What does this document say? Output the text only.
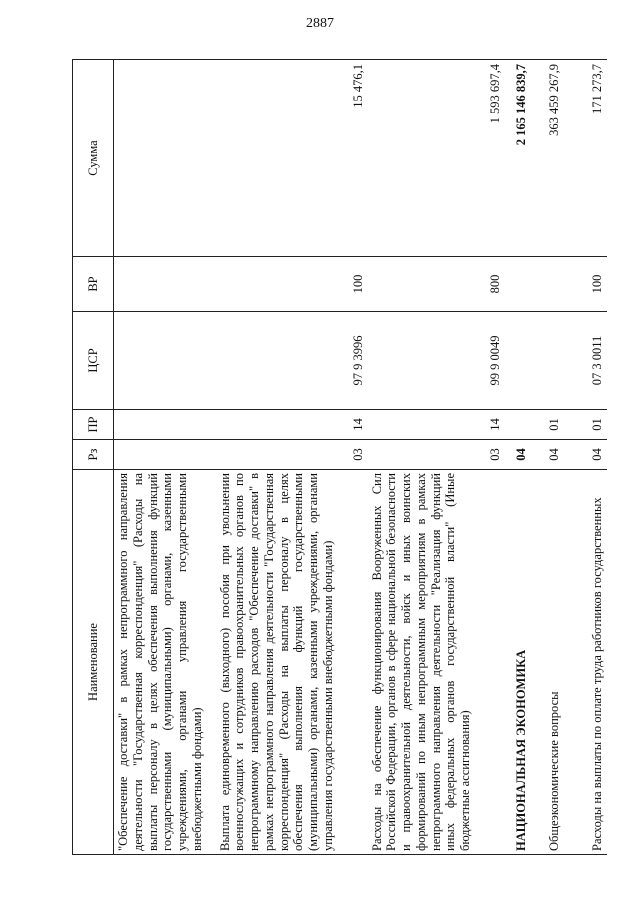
2887
Наименование	Рз	ПР	ЦСР	ВР	Сумма
"Обеспечение доставки" в рамках непрограммного направления деятельности "Государственная корреспонденция" (Расходы на выплаты персоналу в целях обеспечения выполнения функций государственными (муниципальными) органами, казенными учреждениями, органами управления государственными внебюджетными фондами)					
Выплата единовременного (выходного) пособия при увольнении военнослужащих и сотрудников правоохранительных органов по непрограммному направлению расходов "Обеспечение доставки" в рамках непрограммного направления деятельности "Государственная корреспонденция" (Расходы на выплаты персоналу в целях обеспечения выполнения функций государственными (муниципальными) органами, казенными учреждениями, органами управления государственными внебюджетными фондами)	03	14	97 9 3996	100	15 476,1
Расходы на обеспечение функционирования Вооруженных Сил Российской Федерации, органов в сфере национальной безопасности и правоохранительной деятельности, войск и иных воинских формирований по иным непрограммным мероприятиям в рамках непрограммного направления деятельности "Реализация функций иных федеральных органов государственной власти" (Иные бюджетные ассигнования)	03	14	99 9 0049	800	1 593 697,4
НАЦИОНАЛЬНАЯ ЭКОНОМИКА	04				2 165 146 839,7
Общеэкономические вопросы	04	01			363 459 267,9
Расходы на выплаты по оплате труда работников государственных	04	01	07 3 0011	100	171 273,7
